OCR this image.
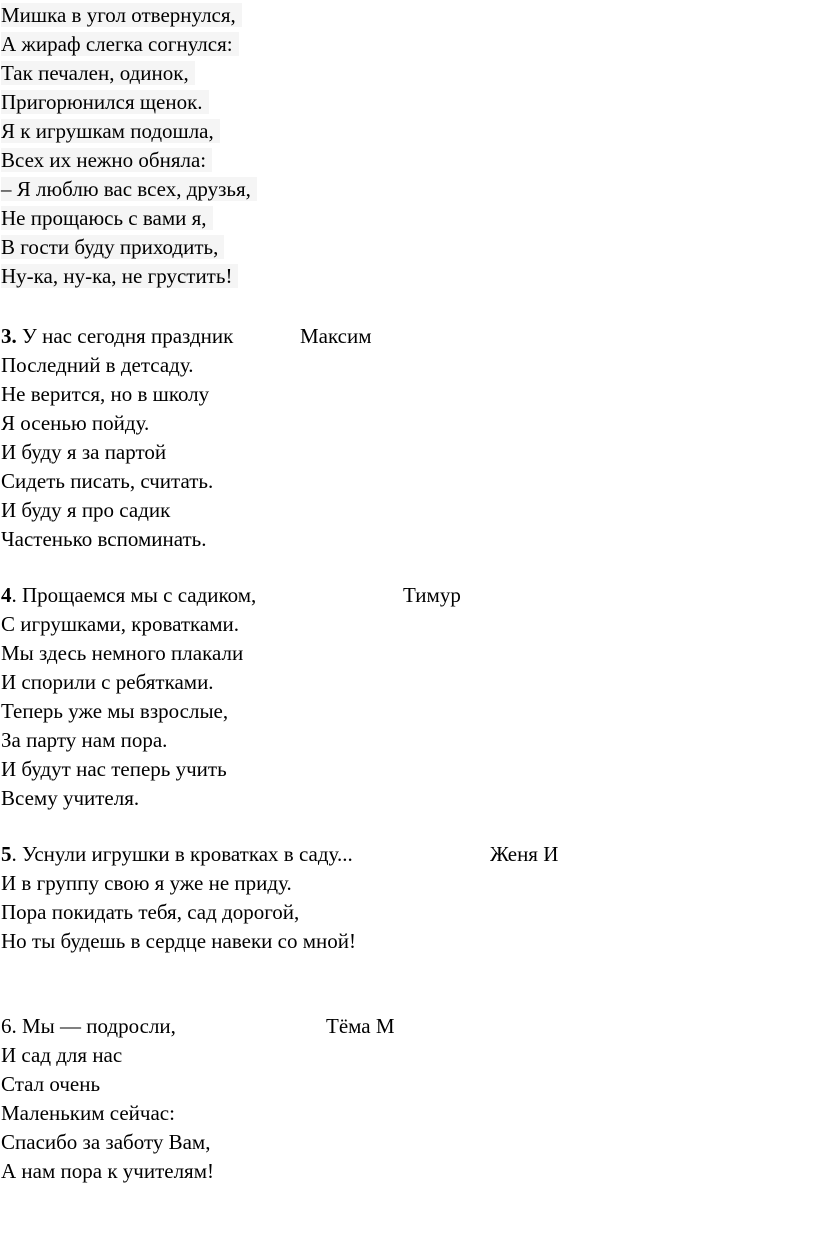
Мишка в угол отвернулся,
А жираф слегка согнулся:
Так печален, одинок,
Пригорюнился щенок.
Я к игрушкам подошла,
Всех их нежно обняла:
– Я люблю вас всех, друзья,
Не прощаюсь с вами я,
В гости буду приходить,
Ну-ка, ну-ка, не грустить!
3. У нас сегодня праздник	Максим
Последний в детсаду.
Не верится, но в школу
Я осенью пойду.
И буду я за партой
Сидеть писать, считать.
И буду я про садик
Частенько вспоминать.
4. Прощаемся мы с садиком,	Тимур
С игрушками, кроватками.
Мы здесь немного плакали
И спорили с ребятками.
Теперь уже мы взрослые,
За парту нам пора.
И будут нас теперь учить
Всему учителя.
5. Уснули игрушки в кроватках в саду...	Женя И
И в группу свою я уже не приду.
Пора покидать тебя, сад дорогой,
Но ты будешь в сердце навеки со мной!
6. Мы — подросли,	Тёма М
И сад для нас
Стал очень
Маленьким сейчас:
Спасибо за заботу Вам,
А нам пора к учителям!
